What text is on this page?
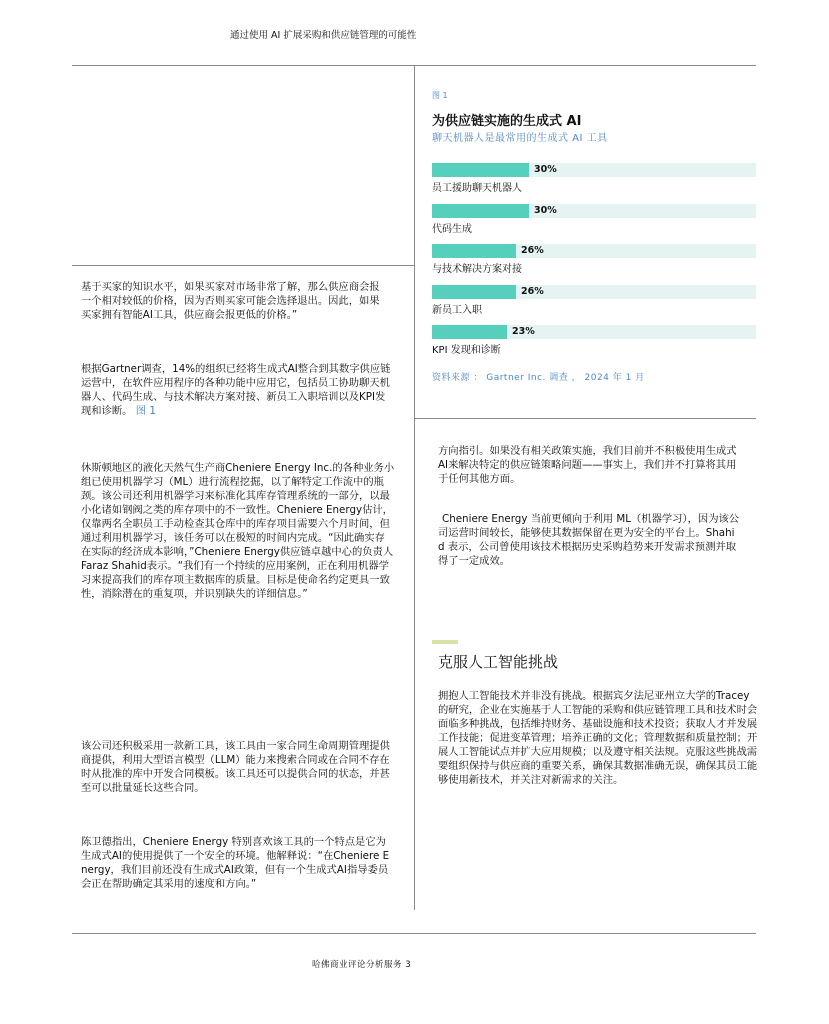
通过使用 AI 扩展采购和供应链管理的可能性
基于买家的知识水平，如果买家对市场非常了解，那么供应商会报一个相对较低的价格，因为否则买家可能会选择退出。因此，如果买家拥有智能AI工具，供应商会报更低的价格。”
根据Gartner调查，14%的组织已经将生成式AI整合到其数字供应链运营中，在软件应用程序的各种功能中应用它，包括员工协助聊天机器人、代码生成、与技术解决方案对接、新员工入职培训以及KPI发现和诊断。 图 1
休斯顿地区的液化天然气生产商Cheniere Energy Inc.的各种业务小组已使用机器学习（ML）进行流程挖掘，以了解特定工作流中的瓶颈。该公司还利用机器学习来标准化其库存管理系统的一部分，以最小化诸如钢阀之类的库存项中的不一致性。Cheniere Energy估计，仅靠两名全职员工手动检查其仓库中的库存项目需要六个月时间，但通过利用机器学习，该任务可以在极短的时间内完成。“因此确实存在实际的经济成本影响，”Cheniere Energy供应链卓越中心的负责人Faraz Shahid表示。“我们有一个持续的应用案例，正在利用机器学习来提高我们的库存项主数据库的质量。目标是使命名约定更具一致性，消除潜在的重复项，并识别缺失的详细信息。”
该公司还积极采用一款新工具，该工具由一家合同生命周期管理提供商提供，利用大型语言模型（LLM）能力来搜索合同或在合同不存在时从批准的库中开发合同模板。该工具还可以提供合同的状态，并甚至可以批量延长这些合同。
陈卫德指出，Cheniere Energy 特别喜欢该工具的一个特点是它为生成式AI的使用提供了一个安全的环境。他解释说：“在Cheniere Energy，我们目前还没有生成式AI政策，但有一个生成式AI指导委员会正在帮助确定其采用的速度和方向。”
图 1
为供应链实施的生成式 AI
聊天机器人是最常用的生成式 AI 工具
30%
员工援助聊天机器人
30%
代码生成
26%
与技术解决方案对接
26%
新员工入职
23%
KPI 发现和诊断
资料来源 ： Gartner Inc. 调查 ， 2024 年 1 月
方向指引。如果没有相关政策实施，我们目前并不积极使用生成式AI来解决特定的供应链策略问题——事实上，我们并不打算将其用于任何其他方面。
Cheniere Energy 当前更倾向于利用 ML（机器学习），因为该公司运营时间较长，能够使其数据保留在更为安全的平台上。Shahid 表示，公司曾使用该技术根据历史采购趋势来开发需求预测并取得了一定成效。
克服人工智能挑战
拥抱人工智能技术并非没有挑战。根据宾夕法尼亚州立大学的Tracey的研究，企业在实施基于人工智能的采购和供应链管理工具和技术时会面临多种挑战，包括维持财务、基础设施和技术投资；获取人才并发展工作技能；促进变革管理；培养正确的文化；管理数据和质量控制；开展人工智能试点并扩大应用规模；以及遵守相关法规。克服这些挑战需要组织保持与供应商的重要关系，确保其数据准确无误，确保其员工能够使用新技术，并关注对新需求的关注。
哈佛商业评论分析服务 3
